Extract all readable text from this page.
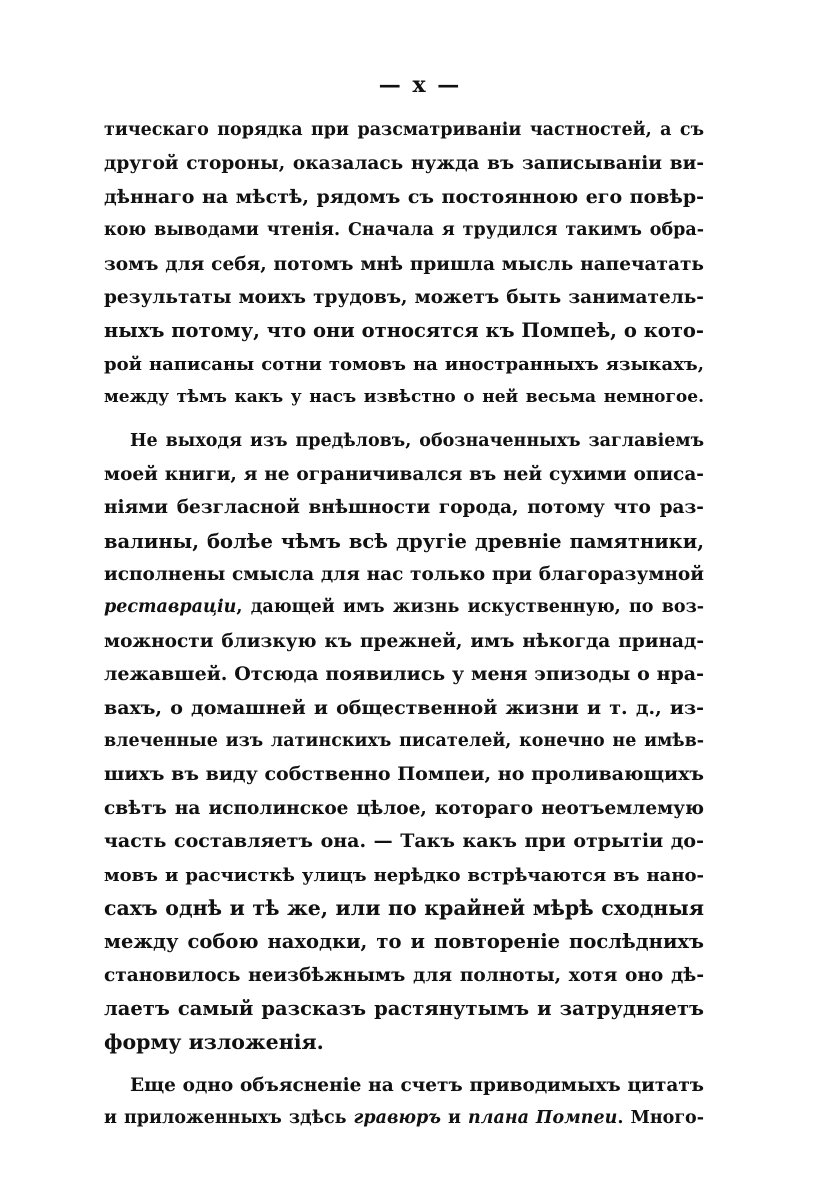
— x —
тическаго порядка при разсматриванiи частностей, а съ
другой стороны, оказалась нужда въ записыванiи ви-
дѣннаго на мѣстѣ, рядомъ съ постоянною его повѣр-
кою выводами чтенiя. Сначала я трудился такимъ обра-
зомъ для себя, потомъ мнѣ пришла мысль напечатать
результаты моихъ трудовъ, можетъ быть заниматель-
ныхъ потому, что они относятся къ Помпеѣ, о кото-
рой написаны сотни томовъ на иностранныхъ языкахъ,
между тѣмъ какъ у насъ извѣстно о ней весьма немногое.
Не выходя изъ предѣловъ, обозначенныхъ заглавiемъ
моей книги, я не ограничивался въ ней сухими описа-
нiями безгласной внѣшности города, потому что раз-
валины, болѣе чѣмъ всѣ другiе древнiе памятники,
исполнены смысла для нас только при благоразумной
реставрацiи, дающей имъ жизнь искуственную, по воз-
можности близкую къ прежней, имъ нѣкогда принад-
лежавшей. Отсюда появились у меня эпизоды о нра-
вахъ, о домашней и общественной жизни и т. д., из-
влеченные изъ латинскихъ писателей, конечно не имѣв-
шихъ въ виду собственно Помпеи, но проливающихъ
свѣтъ на исполинское цѣлое, котораго неотъемлемую
часть составляетъ она. — Такъ какъ при отрытiи до-
мовъ и расчисткѣ улицъ нерѣдко встрѣчаются въ нано-
сахъ однѣ и тѣ же, или по крайней мѣрѣ сходныя
между собою находки, то и повторенiе послѣднихъ
становилось неизбѣжнымъ для полноты, хотя оно дѣ-
лаетъ самый разсказъ растянутымъ и затрудняетъ
форму изложенiя.
Еще одно объясненiе на счетъ приводимыхъ цитатъ
и приложенныхъ здѣсь гравюръ и плана Помпеи. Много-
